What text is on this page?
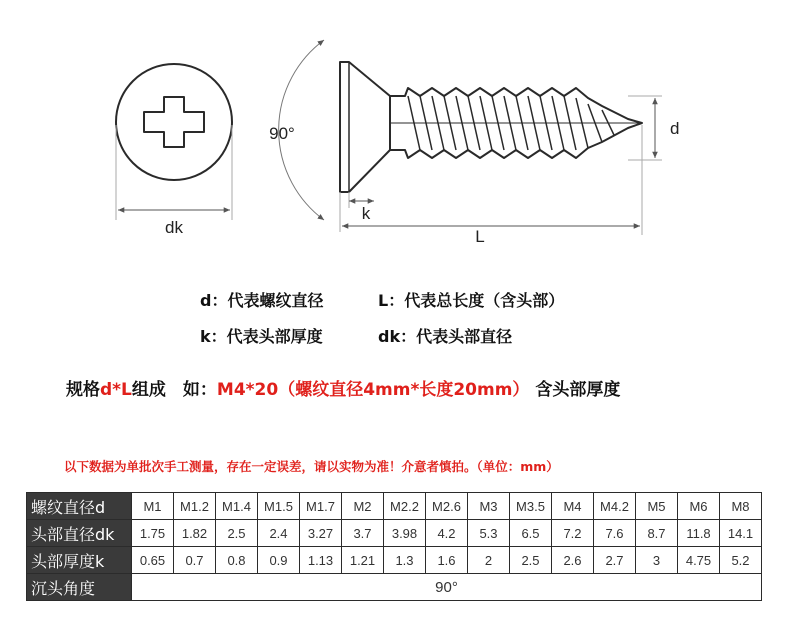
dk
90°	d
k
L
d：代表螺纹直径	L：代表总长度（含头部）
k：代表头部厚度	dk：代表头部直径
规格d*L组成　如：M4*20（螺纹直径4mm*长度20mm） 含头部厚度
以下数据为单批次手工测量，存在一定误差，请以实物为准！介意者慎拍。（单位：mm）
螺纹直径d	M1	M1.2	M1.4	M1.5	M1.7	M2	M2.2	M2.6	M3	M3.5	M4	M4.2	M5	M6	M8
头部直径dk	1.75	1.82	2.5	2.4	3.27	3.7	3.98	4.2	5.3	6.5	7.2	7.6	8.7	11.8	14.1
头部厚度k	0.65	0.7	0.8	0.9	1.13	1.21	1.3	1.6	2	2.5	2.6	2.7	3	4.75	5.2
沉头角度	90°														
